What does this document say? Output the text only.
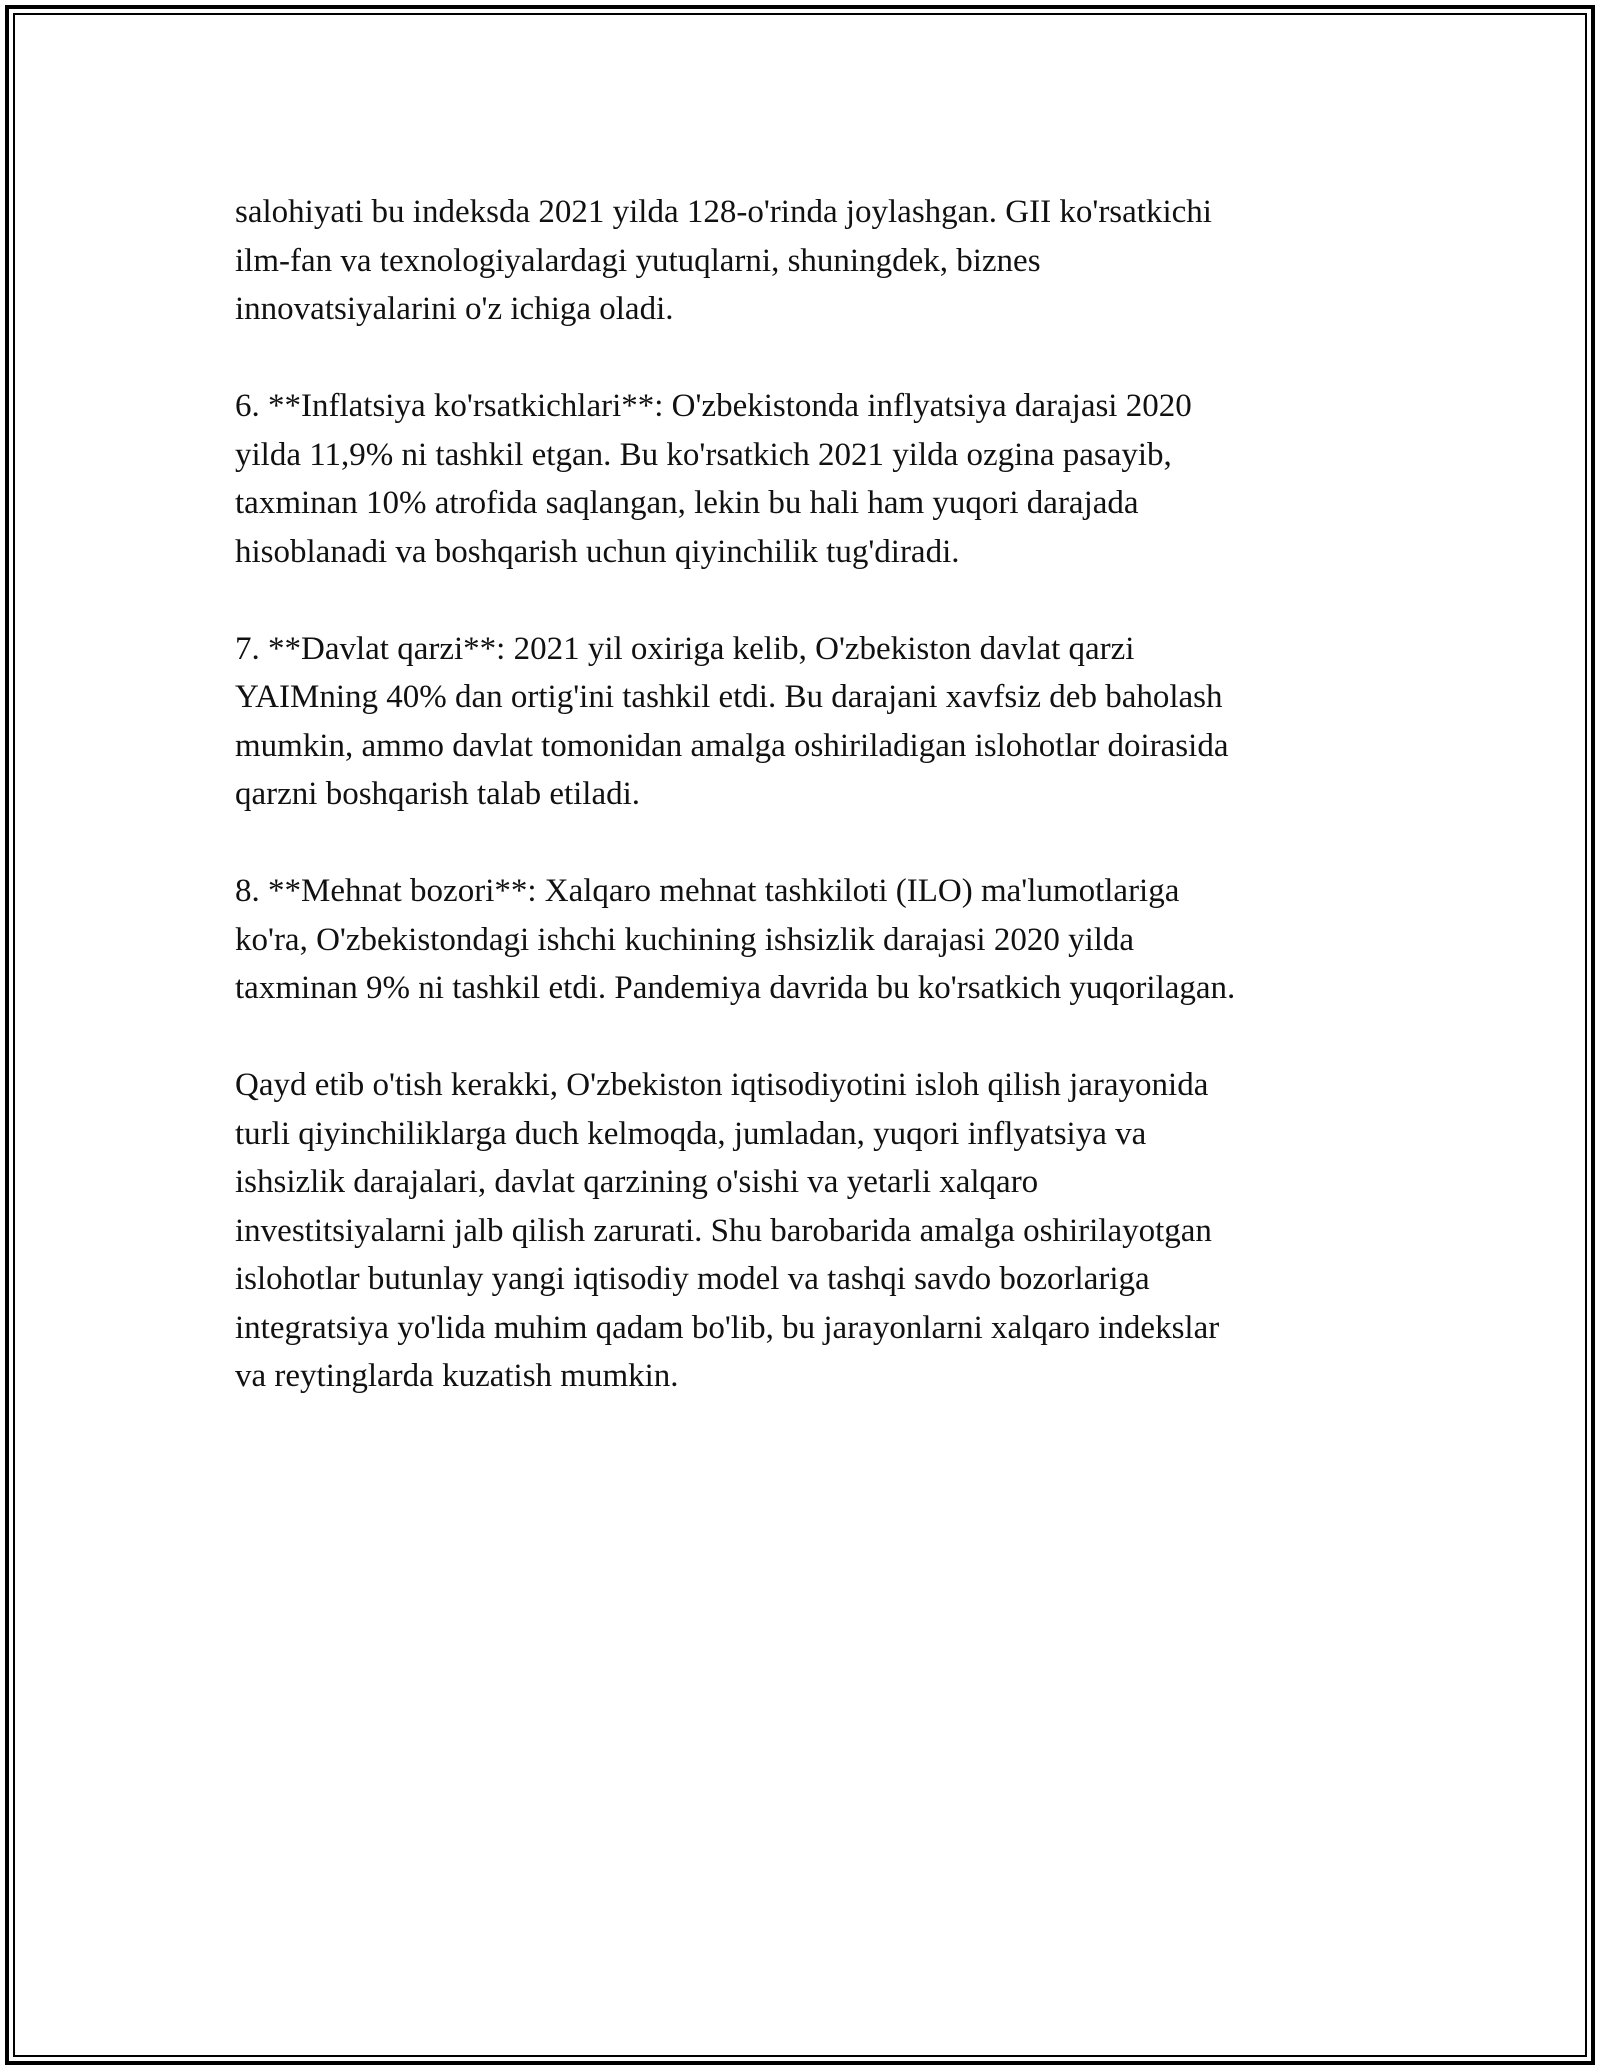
salohiyati bu indeksda 2021 yilda 128-o'rinda joylashgan. GII ko'rsatkichi
ilm-fan va texnologiyalardagi yutuqlarni, shuningdek, biznes
innovatsiyalarini o'z ichiga oladi.

6. **Inflatsiya ko'rsatkichlari**: O'zbekistonda inflyatsiya darajasi 2020
yilda 11,9% ni tashkil etgan. Bu ko'rsatkich 2021 yilda ozgina pasayib,
taxminan 10% atrofida saqlangan, lekin bu hali ham yuqori darajada
hisoblanadi va boshqarish uchun qiyinchilik tug'diradi.

7. **Davlat qarzi**: 2021 yil oxiriga kelib, O'zbekiston davlat qarzi
YAIMning 40% dan ortig'ini tashkil etdi. Bu darajani xavfsiz deb baholash
mumkin, ammo davlat tomonidan amalga oshiriladigan islohotlar doirasida
qarzni boshqarish talab etiladi.

8. **Mehnat bozori**: Xalqaro mehnat tashkiloti (ILO) ma'lumotlariga
ko'ra, O'zbekistondagi ishchi kuchining ishsizlik darajasi 2020 yilda
taxminan 9% ni tashkil etdi. Pandemiya davrida bu ko'rsatkich yuqorilagan.

Qayd etib o'tish kerakki, O'zbekiston iqtisodiyotini isloh qilish jarayonida
turli qiyinchiliklarga duch kelmoqda, jumladan, yuqori inflyatsiya va
ishsizlik darajalari, davlat qarzining o'sishi va yetarli xalqaro
investitsiyalarni jalb qilish zarurati. Shu barobarida amalga oshirilayotgan
islohotlar butunlay yangi iqtisodiy model va tashqi savdo bozorlariga
integratsiya yo'lida muhim qadam bo'lib, bu jarayonlarni xalqaro indekslar
va reytinglarda kuzatish mumkin.
